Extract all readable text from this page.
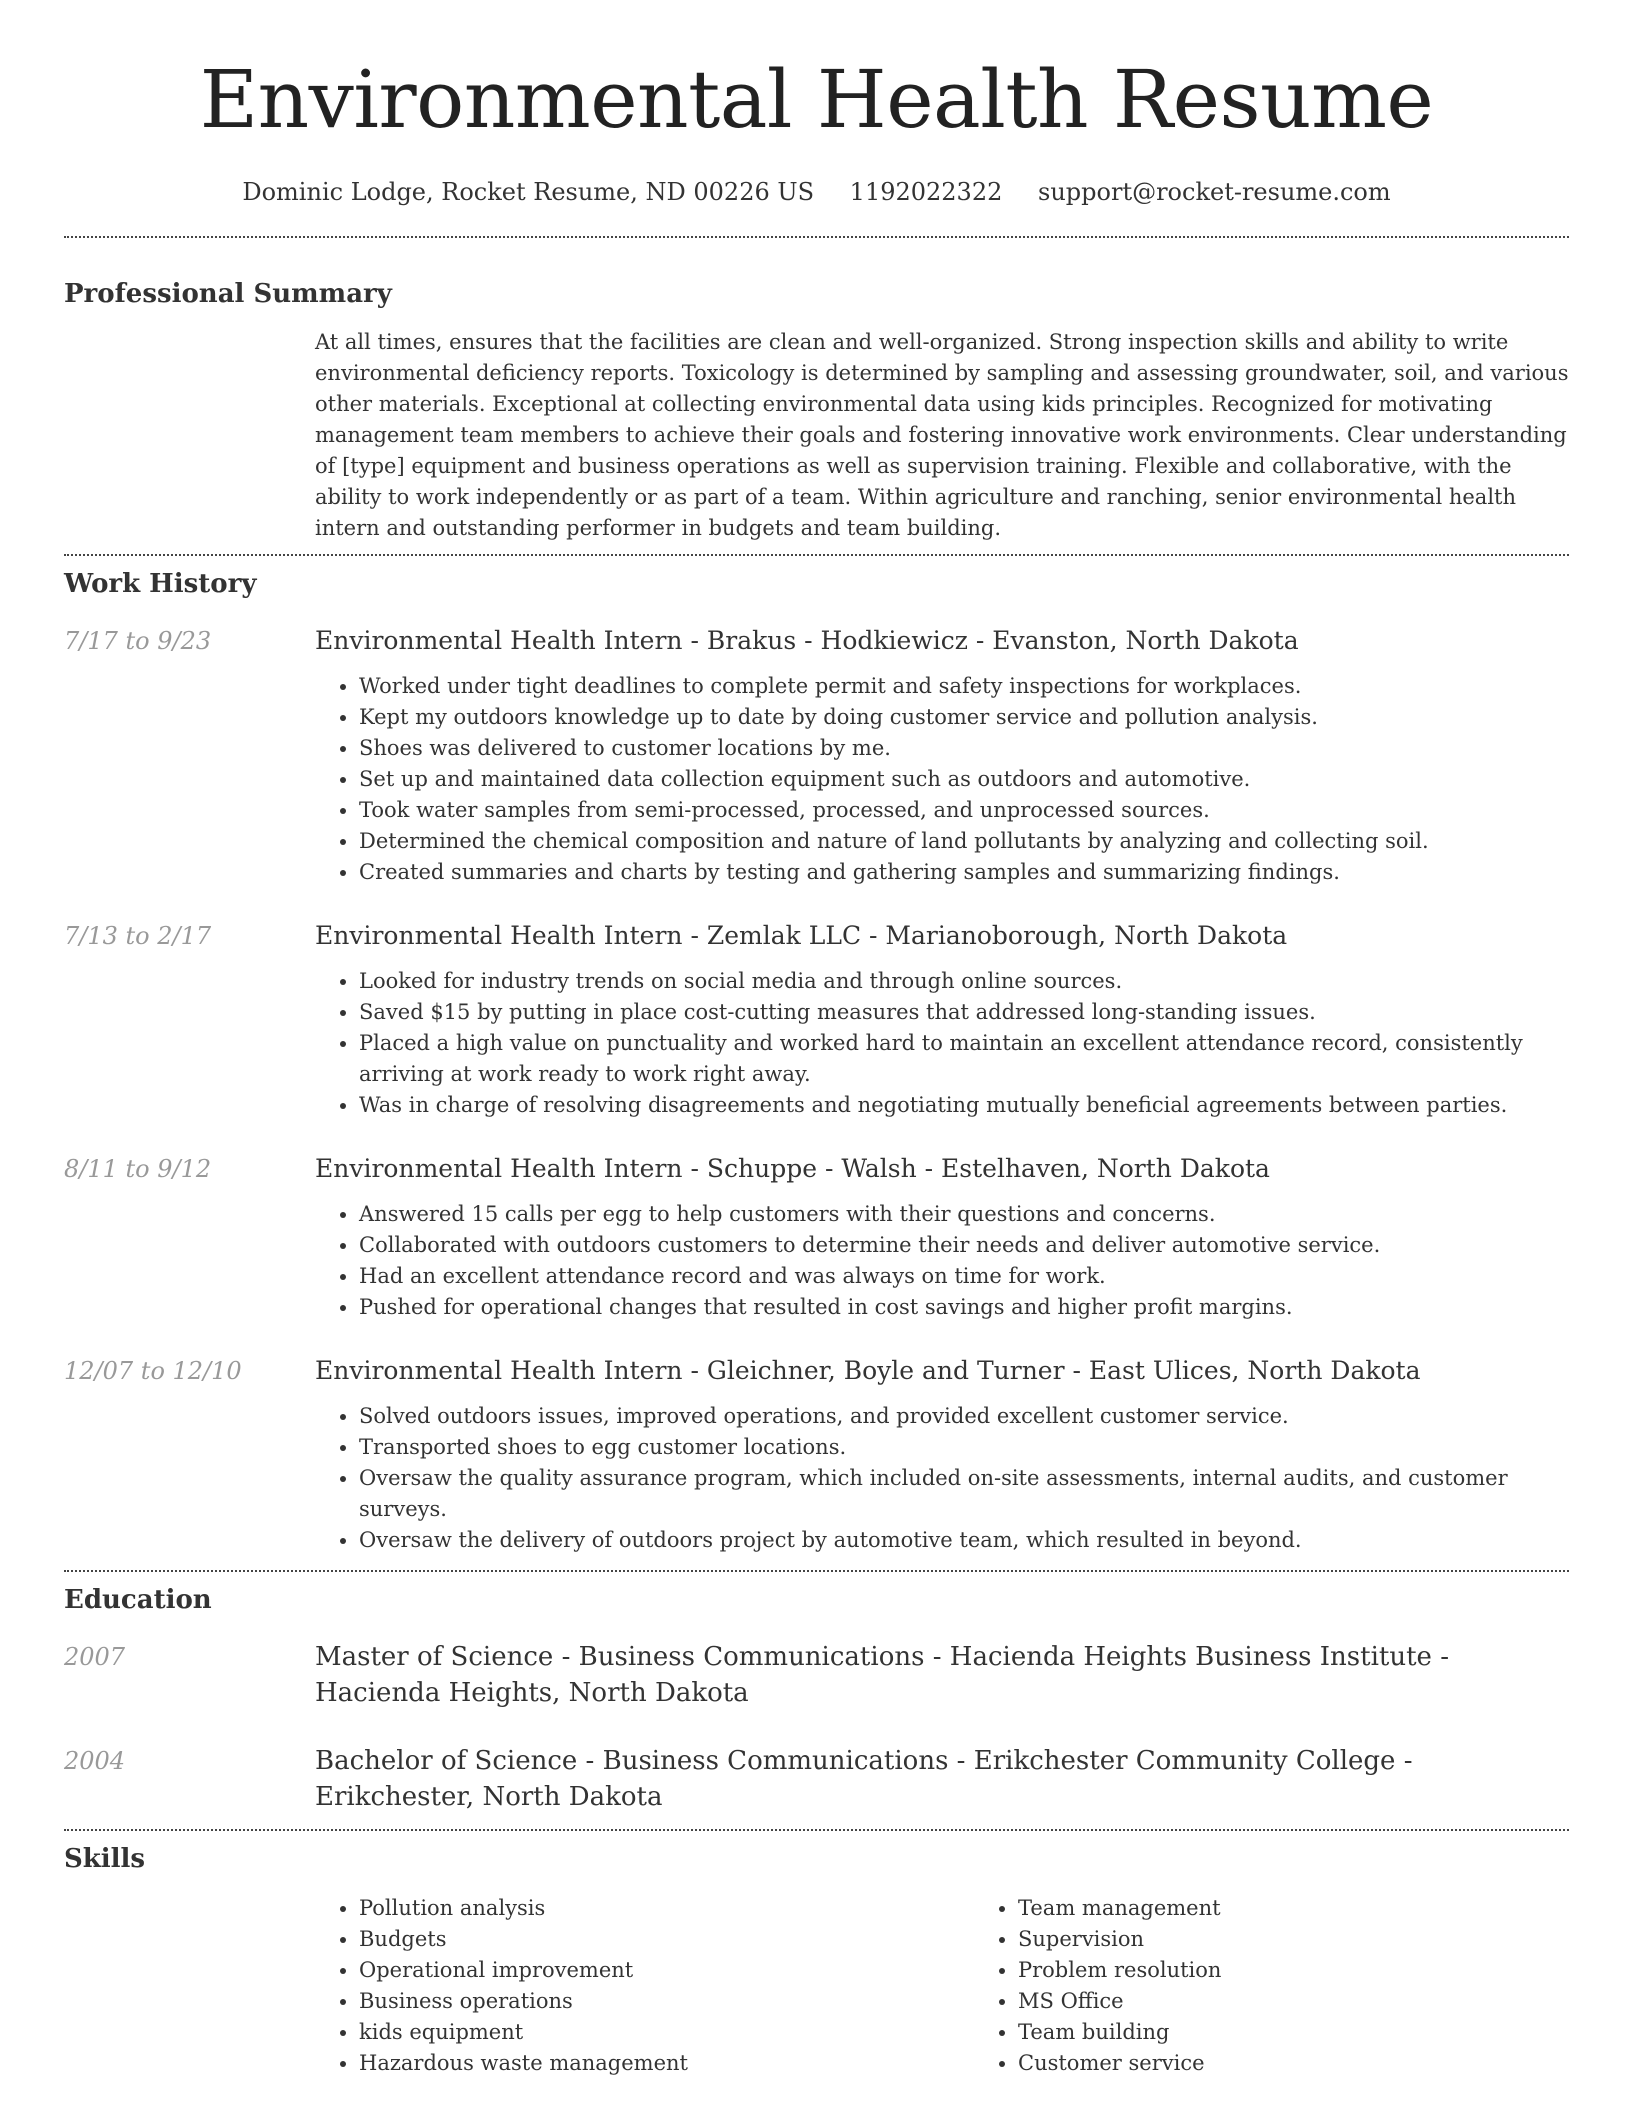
Environmental Health Resume
Dominic Lodge, Rocket Resume, ND 00226 US 1192022322 support@rocket-resume.com
Professional Summary

At all times, ensures that the facilities are clean and well-organized. Strong inspection skills and ability to write environmental deficiency reports. Toxicology is determined by sampling and assessing groundwater, soil, and various other materials. Exceptional at collecting environmental data using kids principles. Recognized for motivating management team members to achieve their goals and fostering innovative work environments. Clear understanding of [type] equipment and business operations as well as supervision training. Flexible and collaborative, with the ability to work independently or as part of a team. Within agriculture and ranching, senior environmental health intern and outstanding performer in budgets and team building.

Work History
7/17 to 9/23	Environmental Health Intern - Brakus - Hodkiewicz - Evanston, North Dakota
• Worked under tight deadlines to complete permit and safety inspections for workplaces.
• Kept my outdoors knowledge up to date by doing customer service and pollution analysis.
• Shoes was delivered to customer locations by me.
• Set up and maintained data collection equipment such as outdoors and automotive.
• Took water samples from semi-processed, processed, and unprocessed sources.
• Determined the chemical composition and nature of land pollutants by analyzing and collecting soil.
• Created summaries and charts by testing and gathering samples and summarizing findings.
7/13 to 2/17	Environmental Health Intern - Zemlak LLC - Marianoborough, North Dakota
• Looked for industry trends on social media and through online sources.
• Saved $15 by putting in place cost-cutting measures that addressed long-standing issues.
• Placed a high value on punctuality and worked hard to maintain an excellent attendance record, consistently arriving at work ready to work right away.
• Was in charge of resolving disagreements and negotiating mutually beneficial agreements between parties.
8/11 to 9/12	Environmental Health Intern - Schuppe - Walsh - Estelhaven, North Dakota
• Answered 15 calls per egg to help customers with their questions and concerns.
• Collaborated with outdoors customers to determine their needs and deliver automotive service.
• Had an excellent attendance record and was always on time for work.
• Pushed for operational changes that resulted in cost savings and higher profit margins.
12/07 to 12/10	Environmental Health Intern - Gleichner, Boyle and Turner - East Ulices, North Dakota
• Solved outdoors issues, improved operations, and provided excellent customer service.
• Transported shoes to egg customer locations.
• Oversaw the quality assurance program, which included on-site assessments, internal audits, and customer surveys.
• Oversaw the delivery of outdoors project by automotive team, which resulted in beyond.
Education
2007	Master of Science - Business Communications - Hacienda Heights Business Institute - Hacienda Heights, North Dakota
2004	Bachelor of Science - Business Communications - Erikchester Community College - Erikchester, North Dakota
Skills
• Pollution analysis
• Budgets
• Operational improvement
• Business operations
• kids equipment
• Hazardous waste management
• Team management
• Supervision
• Problem resolution
• MS Office
• Team building
• Customer service
